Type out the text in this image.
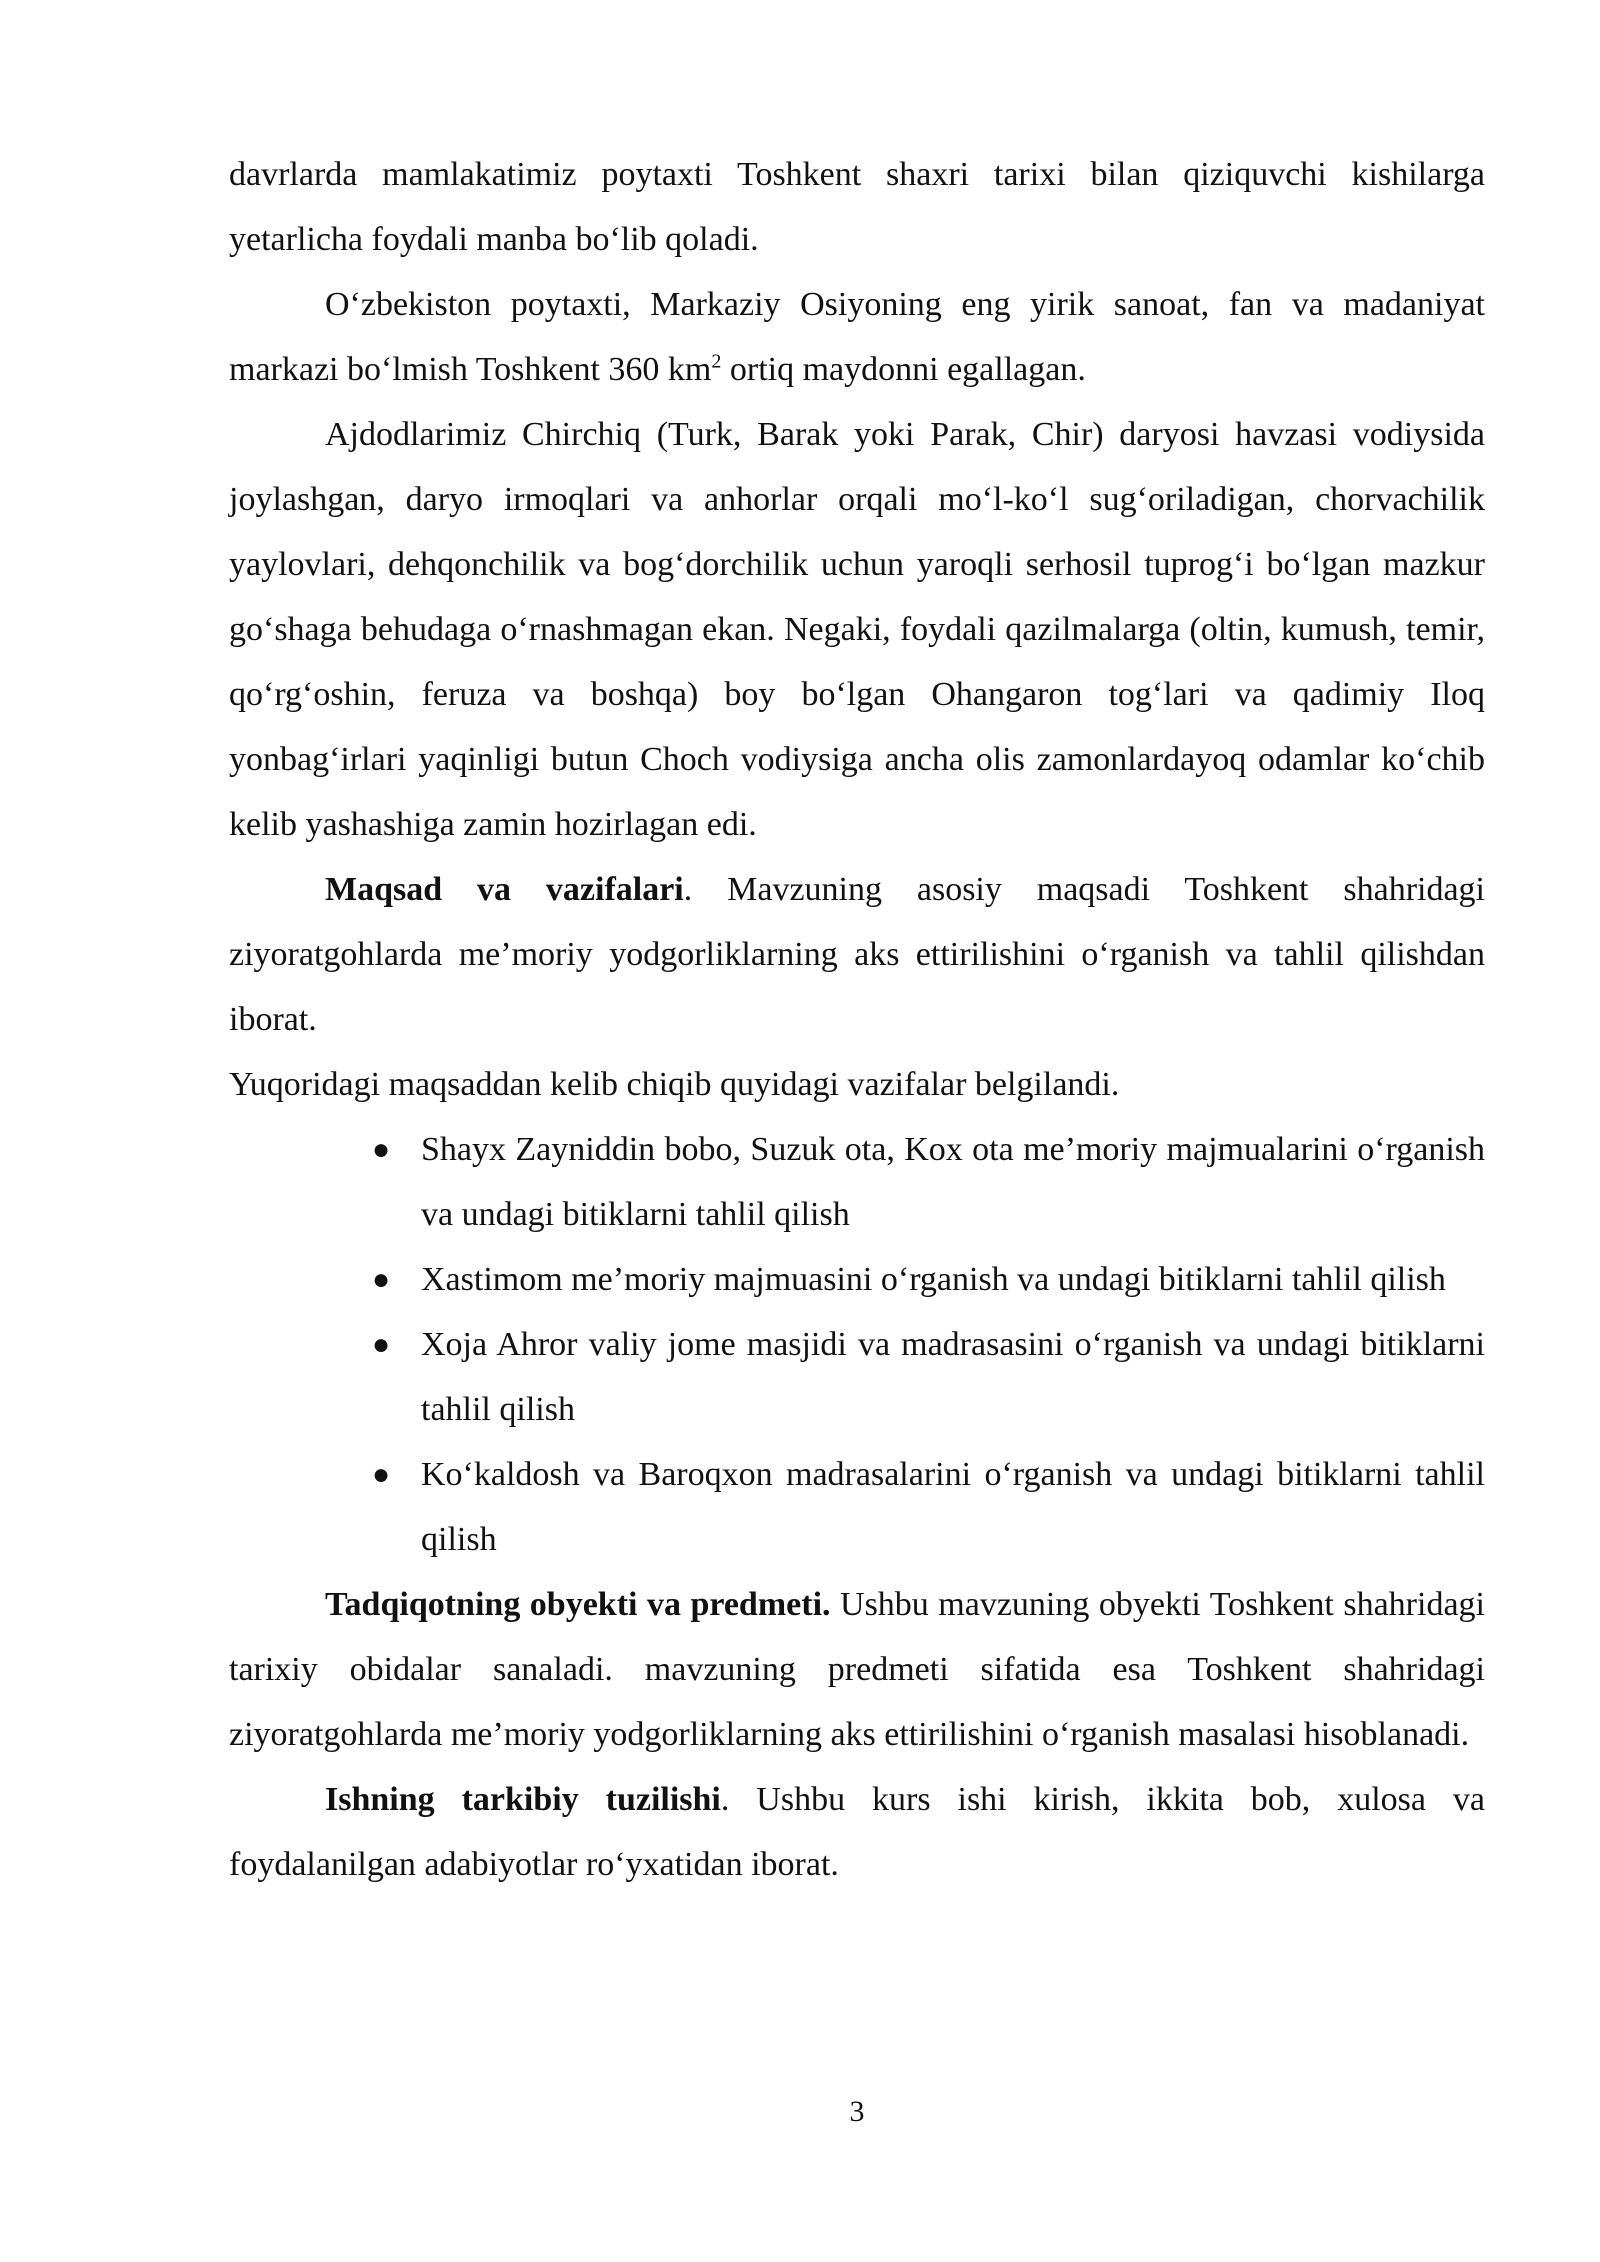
davrlarda mamlakatimiz poytaxti Toshkent shaxri tarixi bilan qiziquvchi kishilarga yetarlicha foydali manba bo‘lib qoladi.

O‘zbekiston poytaxti, Markaziy Osiyoning eng yirik sanoat, fan va madaniyat markazi bo‘lmish Toshkent 360 $km^2$ ortiq maydonni egallagan.

Ajdodlarimiz Chirchiq (Turk, Barak yoki Parak, Chir) daryosi havzasi vodiysida joylashgan, daryo irmoqlari va anhorlar orqali mo‘l-ko‘l sug‘oriladigan, chorvachilik yaylovlari, dehqonchilik va bog‘dorchilik uchun yaroqli serhosil tuprog‘i bo‘lgan mazkur go‘shaga behudaga o‘rnashmagan ekan. Negaki, foydali qazilmalarga (oltin, kumush, temir, qo‘rg‘oshin, feruza va boshqa) boy bo‘lgan Ohangaron tog‘lari va qadimiy Iloq yonbag‘irlari yaqinligi butun Choch vodiysiga ancha olis zamonlardayoq odamlar ko‘chib kelib yashashiga zamin hozirlagan edi.

Maqsad va vazifalari. Mavzuning asosiy maqsadi Toshkent shahridagi ziyoratgohlarda me’moriy yodgorliklarning aks ettirilishini o‘rganish va tahlil qilishdan iborat.

Yuqoridagi maqsaddan kelib chiqib quyidagi vazifalar belgilandi.

● Shayx Zayniddin bobo, Suzuk ota, Kox ota me’moriy majmualarini o‘rganish va undagi bitiklarni tahlil qilish
● Xastimom me’moriy majmuasini o‘rganish va undagi bitiklarni tahlil qilish
● Xoja Ahror valiy jome masjidi va madrasasini o‘rganish va undagi bitiklarni tahlil qilish
● Ko‘kaldosh va Baroqxon madrasalarini o‘rganish va undagi bitiklarni tahlil qilish

Tadqiqotning obyekti va predmeti. Ushbu mavzuning obyekti Toshkent shahridagi tarixiy obidalar sanaladi. mavzuning predmeti sifatida esa Toshkent shahridagi ziyoratgohlarda me’moriy yodgorliklarning aks ettirilishini o‘rganish masalasi hisoblanadi.

Ishning tarkibiy tuzilishi. Ushbu kurs ishi kirish, ikkita bob, xulosa va foydalanilgan adabiyotlar ro‘yxatidan iborat.

3
